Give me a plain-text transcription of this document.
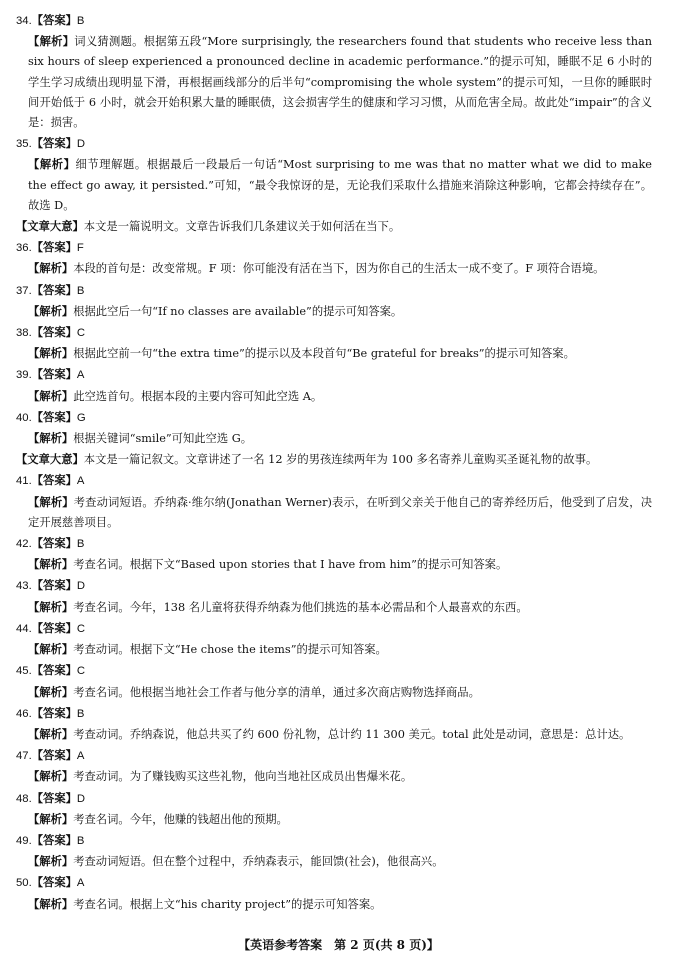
34.【答案】B
【解析】词义猜测题。根据第五段“More surprisingly, the researchers found that students who receive less than six hours of sleep experienced a pronounced decline in academic performance.”的提示可知，睡眠不足 6 小时的学生学习成绩出现明显下滑，再根据画线部分的后半句“compromising the whole system”的提示可知，一旦你的睡眠时间开始低于 6 小时，就会开始积累大量的睡眠债，这会损害学生的健康和学习习惯，从而危害全局。故此处“impair”的含义是：损害。
35.【答案】D
【解析】细节理解题。根据最后一段最后一句话“Most surprising to me was that no matter what we did to make the effect go away, it persisted.”可知，“最令我惊讶的是，无论我们采取什么措施来消除这种影响，它都会持续存在”。故选 D。
【文章大意】本文是一篇说明文。文章告诉我们几条建议关于如何活在当下。
36.【答案】F
【解析】本段的首句是：改变常规。F 项：你可能没有活在当下，因为你自己的生活太一成不变了。F 项符合语境。
37.【答案】B
【解析】根据此空后一句“If no classes are available”的提示可知答案。
38.【答案】C
【解析】根据此空前一句“the extra time”的提示以及本段首句“Be grateful for breaks”的提示可知答案。
39.【答案】A
【解析】此空选首句。根据本段的主要内容可知此空选 A。
40.【答案】G
【解析】根据关键词“smile”可知此空选 G。
【文章大意】本文是一篇记叙文。文章讲述了一名 12 岁的男孩连续两年为 100 多名寄养儿童购买圣诞礼物的故事。
41.【答案】A
【解析】考查动词短语。乔纳森·维尔纳(Jonathan Werner)表示，在听到父亲关于他自己的寄养经历后，他受到了启发，决定开展慈善项目。
42.【答案】B
【解析】考查名词。根据下文“Based upon stories that I have from him”的提示可知答案。
43.【答案】D
【解析】考查名词。今年，138 名儿童将获得乔纳森为他们挑选的基本必需品和个人最喜欢的东西。
44.【答案】C
【解析】考查动词。根据下文“He chose the items”的提示可知答案。
45.【答案】C
【解析】考查名词。他根据当地社会工作者与他分享的清单，通过多次商店购物选择商品。
46.【答案】B
【解析】考查动词。乔纳森说，他总共买了约 600 份礼物，总计约 11 300 美元。total 此处是动词，意思是：总计达。
47.【答案】A
【解析】考查动词。为了赚钱购买这些礼物，他向当地社区成员出售爆米花。
48.【答案】D
【解析】考查名词。今年，他赚的钱超出他的预期。
49.【答案】B
【解析】考查动词短语。但在整个过程中，乔纳森表示，能回馈(社会)，他很高兴。
50.【答案】A
【解析】考查名词。根据上文“his charity project”的提示可知答案。
【英语参考答案　第 2 页(共 8 页)】
